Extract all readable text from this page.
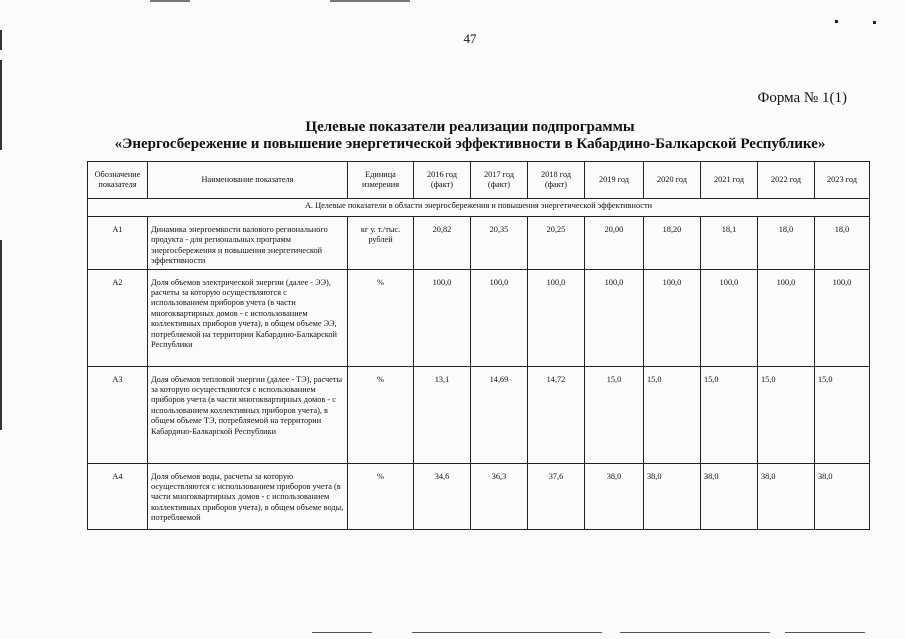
47
Форма № 1(1)
Целевые показатели реализации подпрограммы
«Энергосбережение и повышение энергетической эффективности в Кабардино-Балкарской Республике»
Обозначение показателя	Наименование показателя	Единица измерения	2016 год (факт)	2017 год (факт)	2018 год (факт)	2019 год	2020 год	2021 год	2022 год	2023 год
А. Целевые показатели в области энергосбережения и повышения энергетической эффективности										
А1	Динамика энергоемкости валового регионального продукта - для региональных программ энергосбережения и повышения энергетической эффективности	кг у. т./тыс. рублей	20,82	20,35	20,25	20,00	18,20	18,1	18,0	18,0
А2	Доля объемов электрической энергии (далее - ЭЭ), расчеты за которую осуществляются с использованием приборов учета (в части многоквартирных домов - с использованием коллективных приборов учета), в общем объеме ЭЭ, потребляемой на территории Кабардино-Балкарской Республики	%	100,0	100,0	100,0	100,0	100,0	100,0	100,0	100,0
А3	Доля объемов тепловой энергии (далее - ТЭ), расчеты за которую осуществляются с использованием приборов учета (в части многоквартирных домов - с использованием коллективных приборов учета), в общем объеме ТЭ, потребляемой на территории Кабардино-Балкарской Республики	%	13,1	14,69	14,72	15,0	15,0	15,0	15,0	15,0
А4	Доля объемов воды, расчеты за которую осуществляются с использованием приборов учета (в части многоквартирных домов - с использованием коллективных приборов учета), в общем объеме воды, потребляемой	%	34,6	36,3	37,6	38,0	38,0	38,0	38,0	38,0
